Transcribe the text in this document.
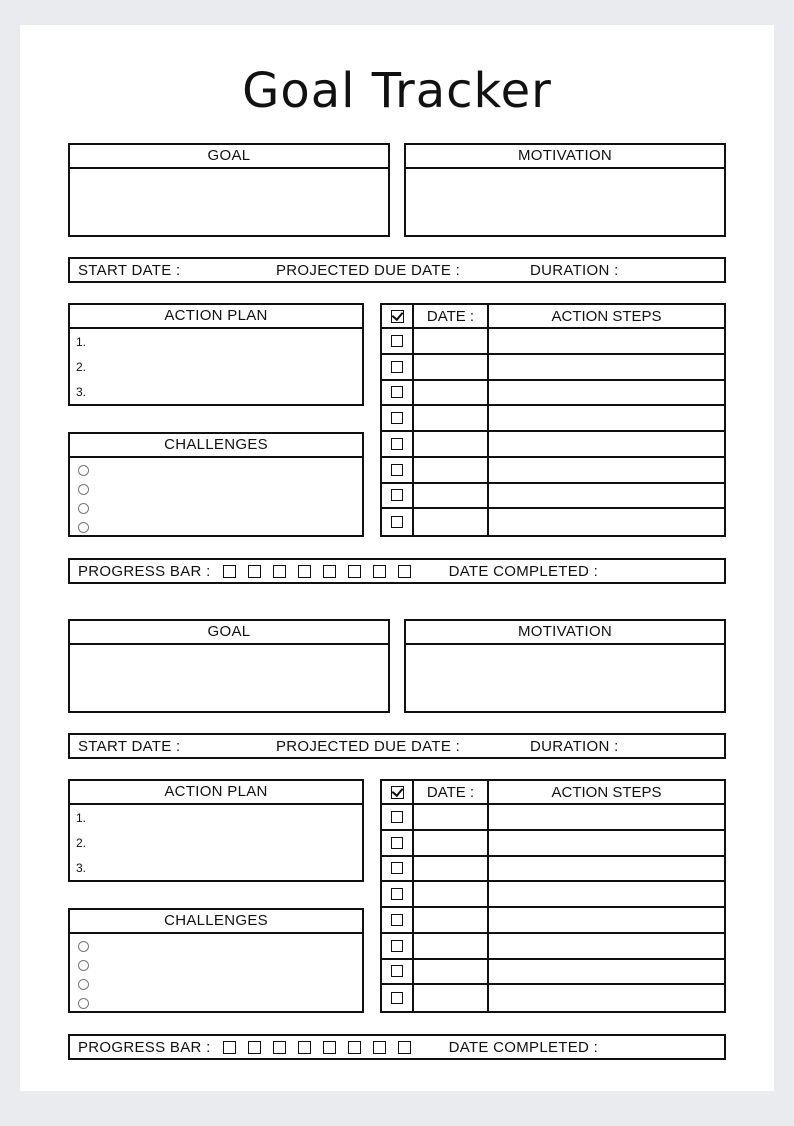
Goal Tracker
GOAL	MOTIVATION
START DATE :	PROJECTED DUE DATE :	DURATION :
ACTION PLAN
1.
2.
3.
CHALLENGES
DATE :	ACTION STEPS
PROGRESS BAR :	DATE COMPLETED :
GOAL	MOTIVATION
START DATE :	PROJECTED DUE DATE :	DURATION :
ACTION PLAN
1.
2.
3.
CHALLENGES
DATE :	ACTION STEPS
PROGRESS BAR :	DATE COMPLETED :
